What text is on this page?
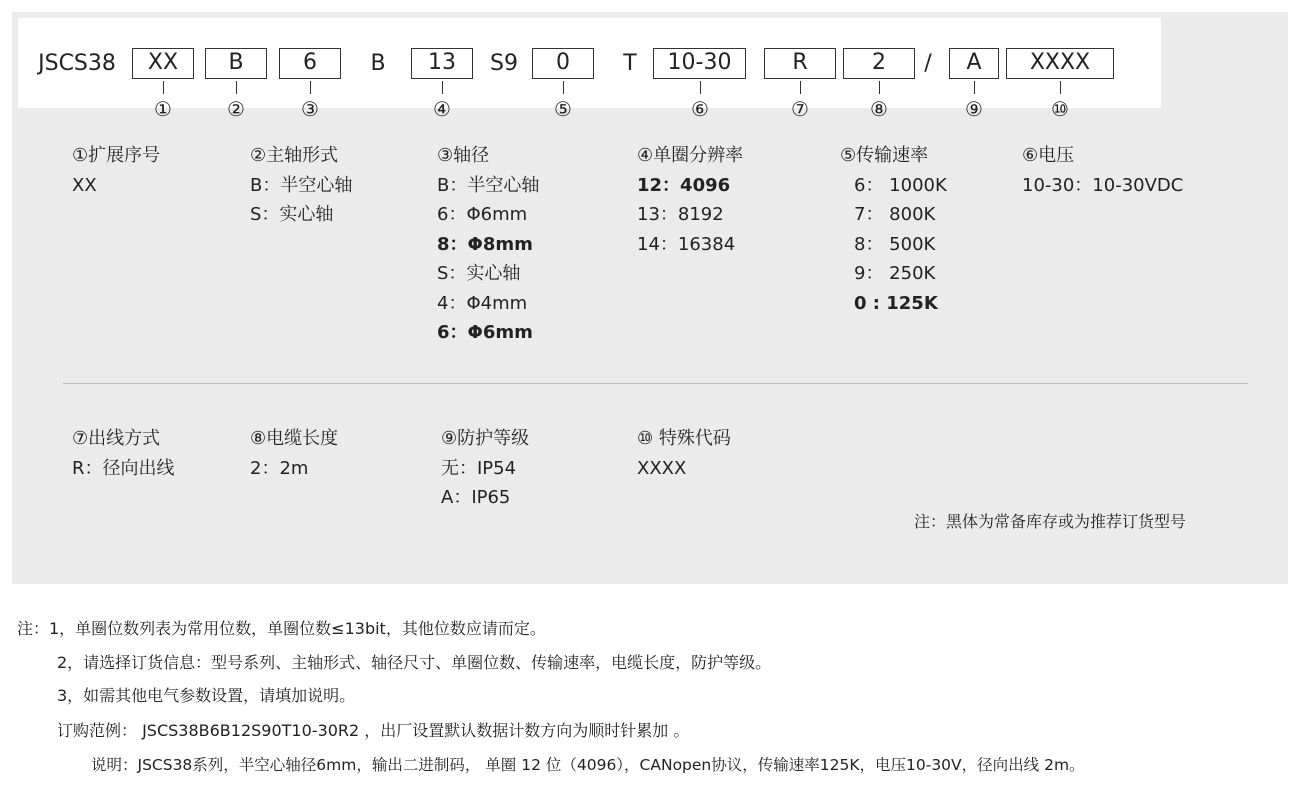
JSCS38	XX	B	6	B	13	S9	0	T	10-30	R	2	/	A	XXXX
①	②	③	④	⑤	⑥	⑦	⑧	⑨	⑩
①扩展序号
XX
②主轴形式
B：半空心轴
S：实心轴
③轴径
B：半空心轴
6：Φ6mm
8：Φ8mm
S：实心轴
4：Φ4mm
6：Φ6mm
④单圈分辨率
12：4096
13：8192
14：16384
⑤传输速率
6： 1000K
7： 800K
8： 500K
9： 250K
0 : 125K
⑥电压
10-30：10-30VDC
⑦出线方式
R：径向出线
⑧电缆长度
2：2m
⑨防护等级
无：IP54
A：IP65
⑩ 特殊代码
XXXX
注：黑体为常备库存或为推荐订货型号
注：1，单圈位数列表为常用位数，单圈位数≤13bit，其他位数应请而定。
2，请选择订货信息：型号系列、主轴形式、轴径尺寸、单圈位数、传输速率，电缆长度，防护等级。
3，如需其他电气参数设置，请填加说明。
订购范例： JSCS38B6B12S90T10-30R2 ，出厂设置默认数据计数方向为顺时针累加 。
说明：JSCS38系列，半空心轴径6mm，输出二进制码， 单圈 12 位（4096），CANopen协议，传输速率125K，电压10-30V，径向出线 2m。
